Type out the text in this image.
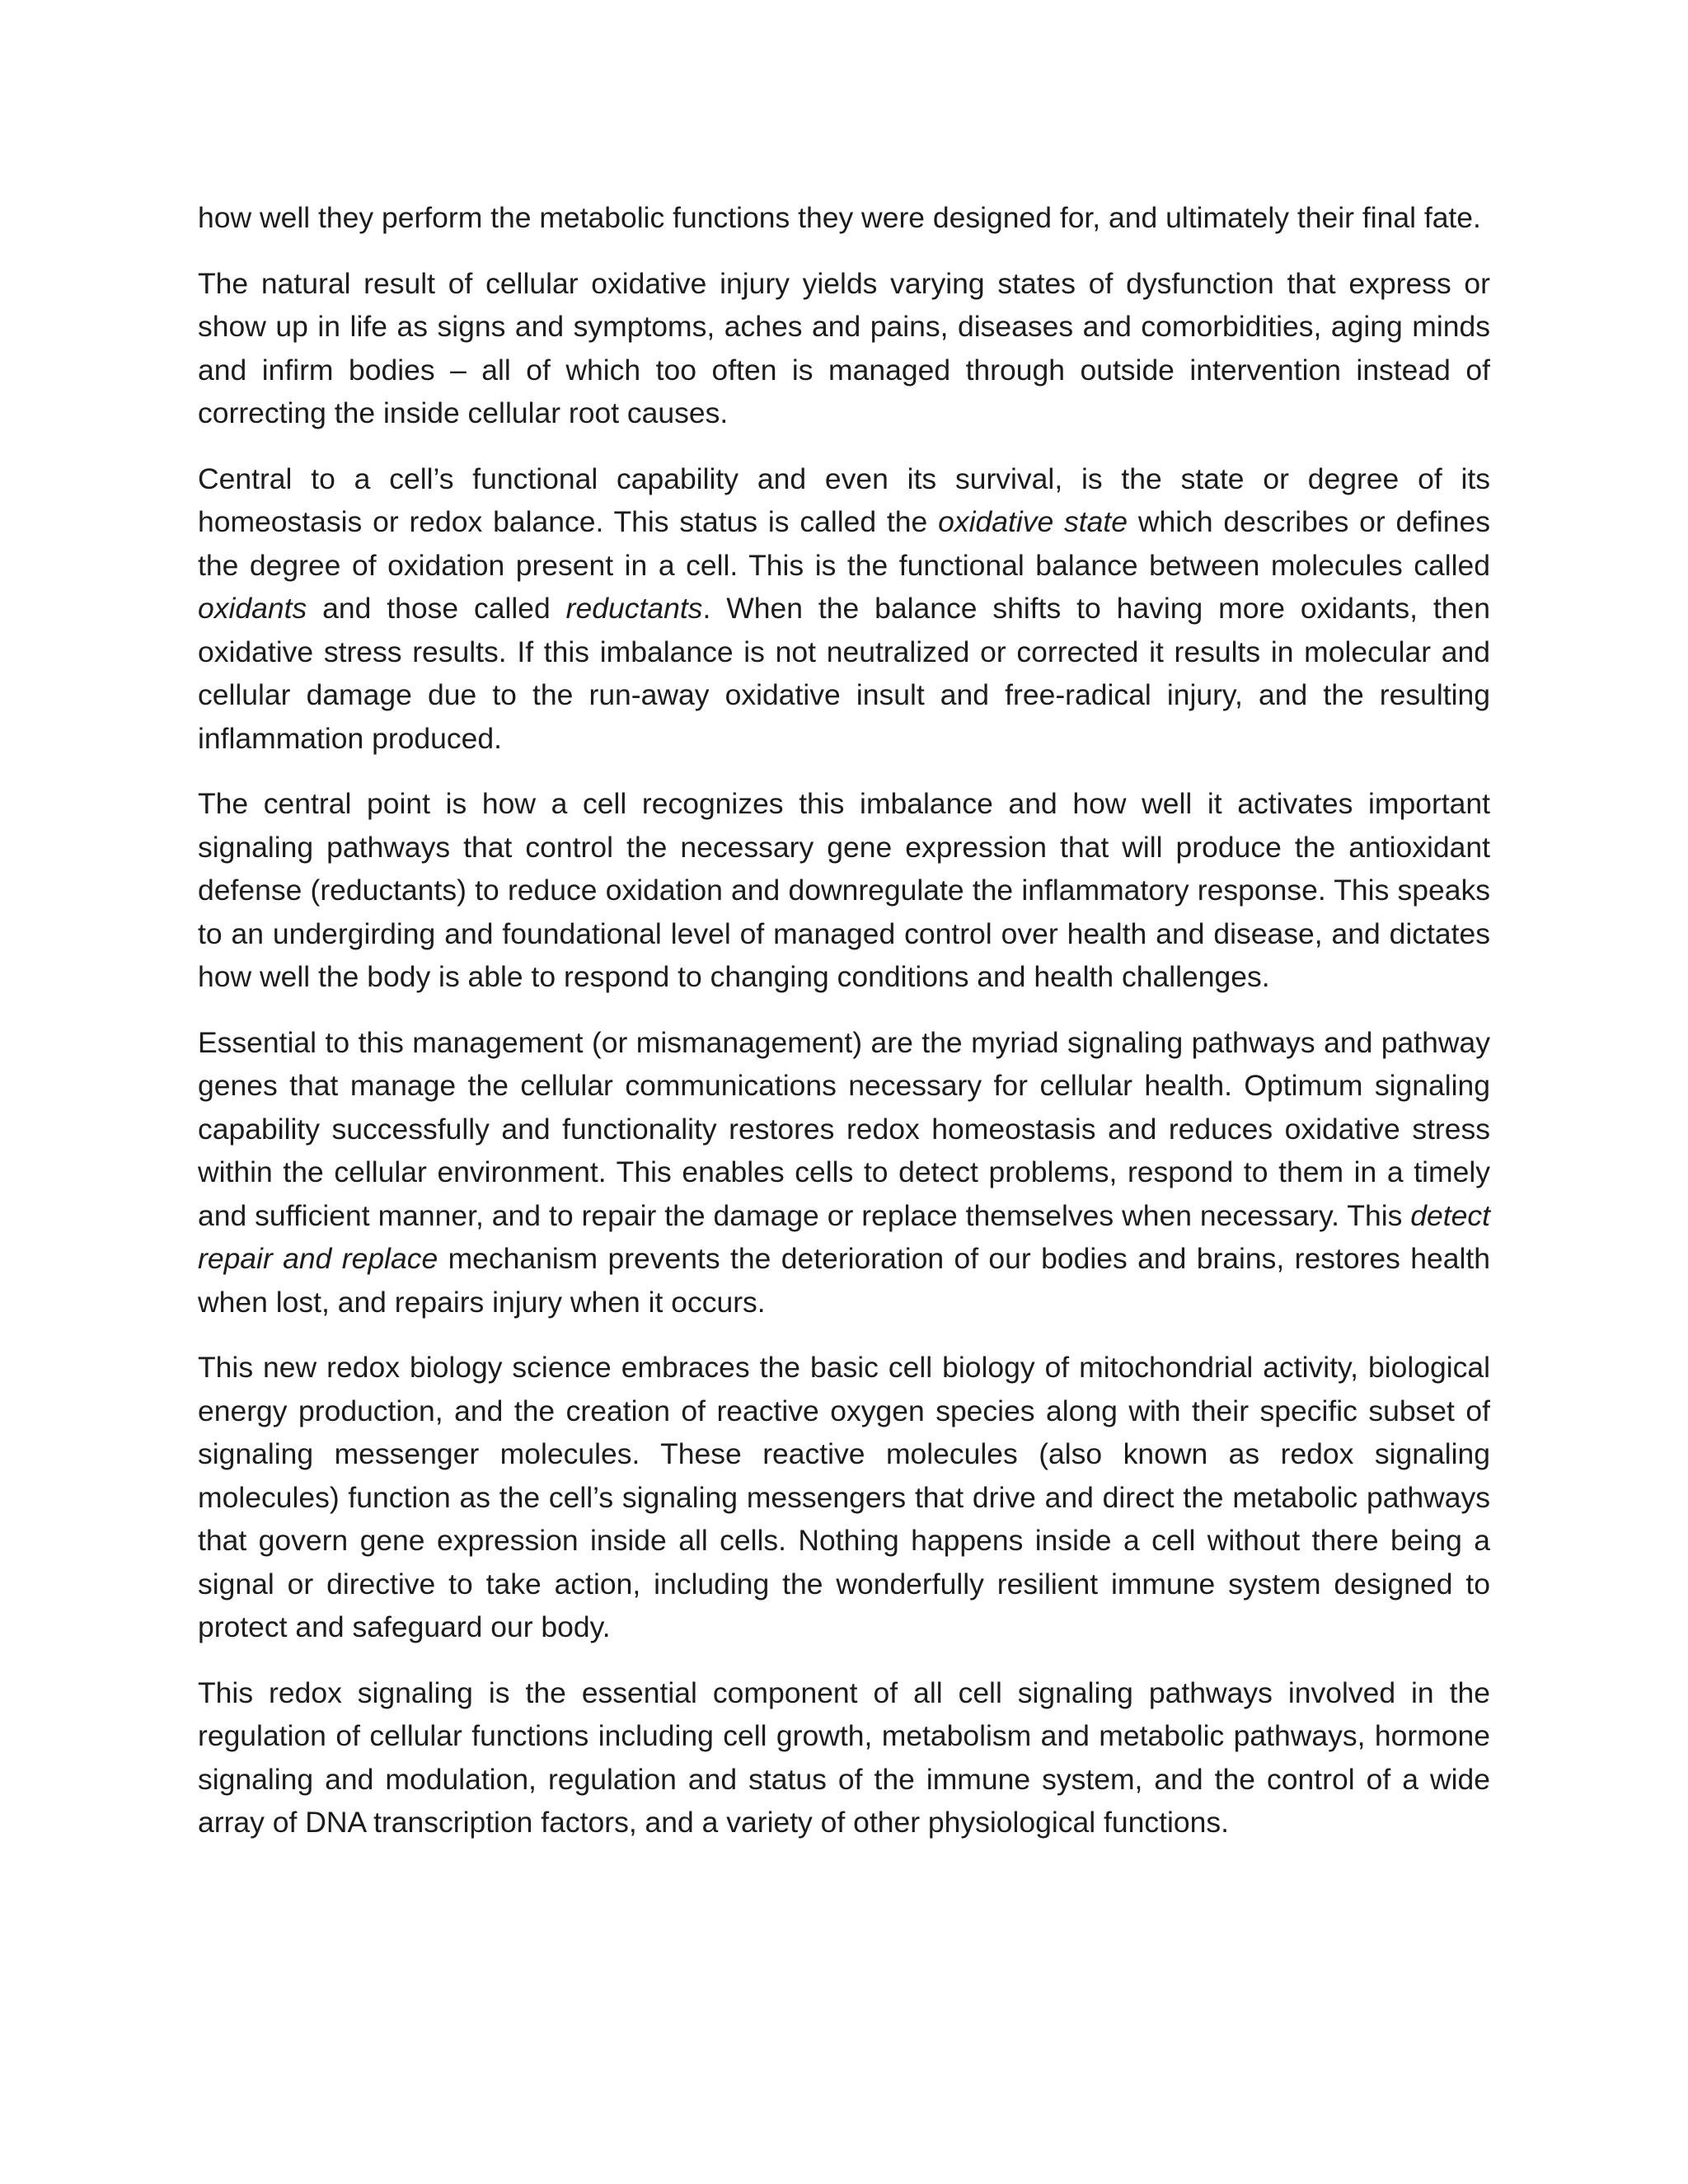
how well they perform the metabolic functions they were designed for, and ultimately their final fate.

The natural result of cellular oxidative injury yields varying states of dysfunction that express or show up in life as signs and symptoms, aches and pains, diseases and comorbidities, aging minds and infirm bodies – all of which too often is managed through outside intervention instead of correcting the inside cellular root causes.

Central to a cell’s functional capability and even its survival, is the state or degree of its homeostasis or redox balance. This status is called the oxidative state which describes or defines the degree of oxidation present in a cell. This is the functional balance between molecules called oxidants and those called reductants. When the balance shifts to having more oxidants, then oxidative stress results. If this imbalance is not neutralized or corrected it results in molecular and cellular damage due to the run-away oxidative insult and free-radical injury, and the resulting inflammation produced.

The central point is how a cell recognizes this imbalance and how well it activates important signaling pathways that control the necessary gene expression that will produce the antioxidant defense (reductants) to reduce oxidation and downregulate the inflammatory response. This speaks to an undergirding and foundational level of managed control over health and disease, and dictates how well the body is able to respond to changing conditions and health challenges.

Essential to this management (or mismanagement) are the myriad signaling pathways and pathway genes that manage the cellular communications necessary for cellular health. Optimum signaling capability successfully and functionality restores redox homeostasis and reduces oxidative stress within the cellular environment. This enables cells to detect problems, respond to them in a timely and sufficient manner, and to repair the damage or replace themselves when necessary. This detect repair and replace mechanism prevents the deterioration of our bodies and brains, restores health when lost, and repairs injury when it occurs.

This new redox biology science embraces the basic cell biology of mitochondrial activity, biological energy production, and the creation of reactive oxygen species along with their specific subset of signaling messenger molecules. These reactive molecules (also known as redox signaling molecules) function as the cell’s signaling messengers that drive and direct the metabolic pathways that govern gene expression inside all cells. Nothing happens inside a cell without there being a signal or directive to take action, including the wonderfully resilient immune system designed to protect and safeguard our body.

This redox signaling is the essential component of all cell signaling pathways involved in the regulation of cellular functions including cell growth, metabolism and metabolic pathways, hormone signaling and modulation, regulation and status of the immune system, and the control of a wide array of DNA transcription factors, and a variety of other physiological functions.
